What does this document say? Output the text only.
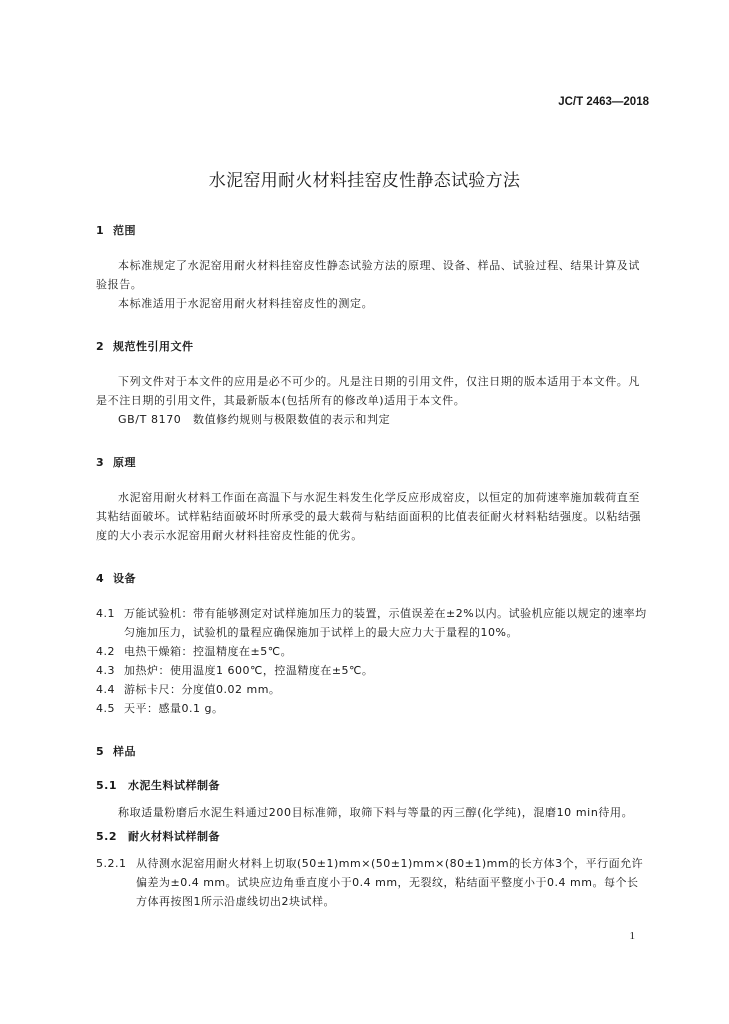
JC/T 2463—2018
水泥窑用耐火材料挂窑皮性静态试验方法
1 范围

本标准规定了水泥窑用耐火材料挂窑皮性静态试验方法的原理、设备、样品、试验过程、结果计算及试验报告。

本标准适用于水泥窑用耐火材料挂窑皮性的测定。

2 规范性引用文件

下列文件对于本文件的应用是必不可少的。凡是注日期的引用文件，仅注日期的版本适用于本文件。凡是不注日期的引用文件，其最新版本(包括所有的修改单)适用于本文件。

GB/T 8170　数值修约规则与极限数值的表示和判定

3 原理

水泥窑用耐火材料工作面在高温下与水泥生料发生化学反应形成窑皮，以恒定的加荷速率施加载荷直至其粘结面破坏。试样粘结面破坏时所承受的最大载荷与粘结面面积的比值表征耐火材料粘结强度。以粘结强度的大小表示水泥窑用耐火材料挂窑皮性能的优劣。

4 设备
4.1 万能试验机：带有能够测定对试样施加压力的装置，示值误差在±2%以内。试验机应能以规定的速率均匀施加压力，试验机的量程应确保施加于试样上的最大应力大于量程的10%。
4.2 电热干燥箱：控温精度在±5℃。
4.3 加热炉：使用温度1 600℃，控温精度在±5℃。
4.4 游标卡尺：分度值0.02 mm。
4.5 天平：感量0.1 g。
5 样品
5.1 水泥生料试样制备

称取适量粉磨后水泥生料通过200目标准筛，取筛下料与等量的丙三醇(化学纯)，混磨10 min待用。

5.2 耐火材料试样制备
5.2.1 从待测水泥窑用耐火材料上切取(50±1)mm×(50±1)mm×(80±1)mm的长方体3个，平行面允许偏差为±0.4 mm。试块应边角垂直度小于0.4 mm，无裂纹，粘结面平整度小于0.4 mm。每个长方体再按图1所示沿虚线切出2块试样。
1
